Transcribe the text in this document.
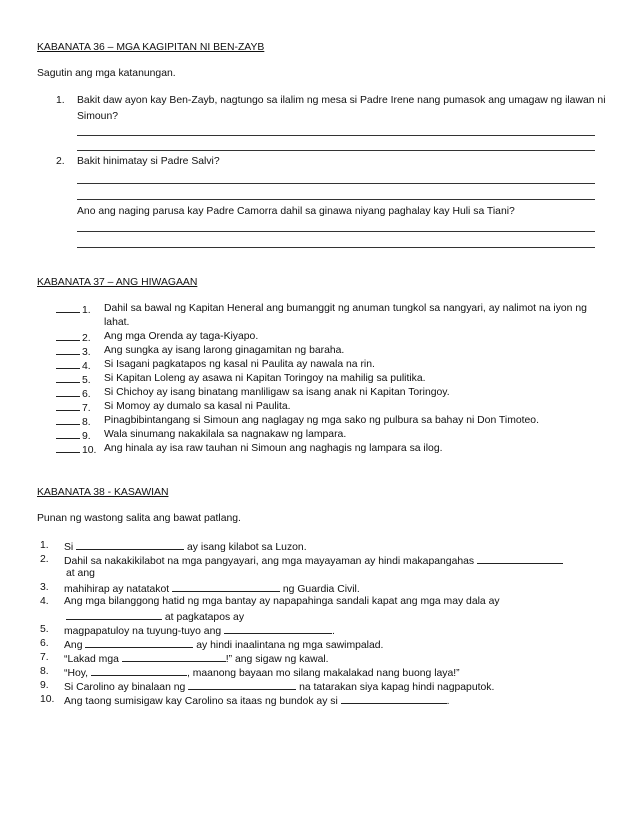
KABANATA 36 – MGA KAGIPITAN NI BEN-ZAYB
Sagutin ang mga katanungan.
1. Bakit daw ayon kay Ben-Zayb, nagtungo sa ilalim ng mesa si Padre Irene nang pumasok ang umagaw ng ilawan ni
Simoun?
2. Bakit hinimatay si Padre Salvi?
Ano ang naging parusa kay Padre Camorra dahil sa ginawa niyang paghalay kay Huli sa Tiani?
KABANATA 37 – ANG HIWAGAAN
1. Dahil sa bawal ng Kapitan Heneral ang bumanggit ng anuman tungkol sa nangyari, ay nalimot na iyon ng
lahat.
2. Ang mga Orenda ay taga-Kiyapo.
3. Ang sungka ay isang larong ginagamitan ng baraha.
4. Si Isagani pagkatapos ng kasal ni Paulita ay nawala na rin.
5. Si Kapitan Loleng ay asawa ni Kapitan Toringoy na mahilig sa pulitika.
6. Si Chichoy ay isang binatang manliligaw sa isang anak ni Kapitan Toringoy.
7. Si Momoy ay dumalo sa kasal ni Paulita.
8. Pinagbibintangang si Simoun ang naglagay ng mga sako ng pulbura sa bahay ni Don Timoteo.
9. Wala sinumang nakakilala sa nagnakaw ng lampara.
10. Ang hinala ay isa raw tauhan ni Simoun ang naghagis ng lampara sa ilog.
KABANATA 38 - KASAWIAN
Punan ng wastong salita ang bawat patlang.
1. Si	ay isang kilabot sa Luzon.
2. Dahil sa nakakikilabot na mga pangyayari, ang mga mayayaman ay hindi makapangahas
at ang
3. mahihirap ay natatakot	ng Guardia Civil.
4. Ang mga bilanggong hatid ng mga bantay ay napapahinga sandali kapat ang mga may dala ay
at pagkatapos ay
5. magpapatuloy na tuyung-tuyo ang	.
6. Ang	ay hindi inaalintana ng mga sawimpalad.
7. “Lakad mga	!” ang sigaw ng kawal.
8. “Hoy,	, maanong bayaan mo silang makalakad nang buong laya!”
9. Si Carolino ay binalaan ng	na tatarakan siya kapag hindi nagpaputok.
10. Ang taong sumisigaw kay Carolino sa itaas ng bundok ay si	.
